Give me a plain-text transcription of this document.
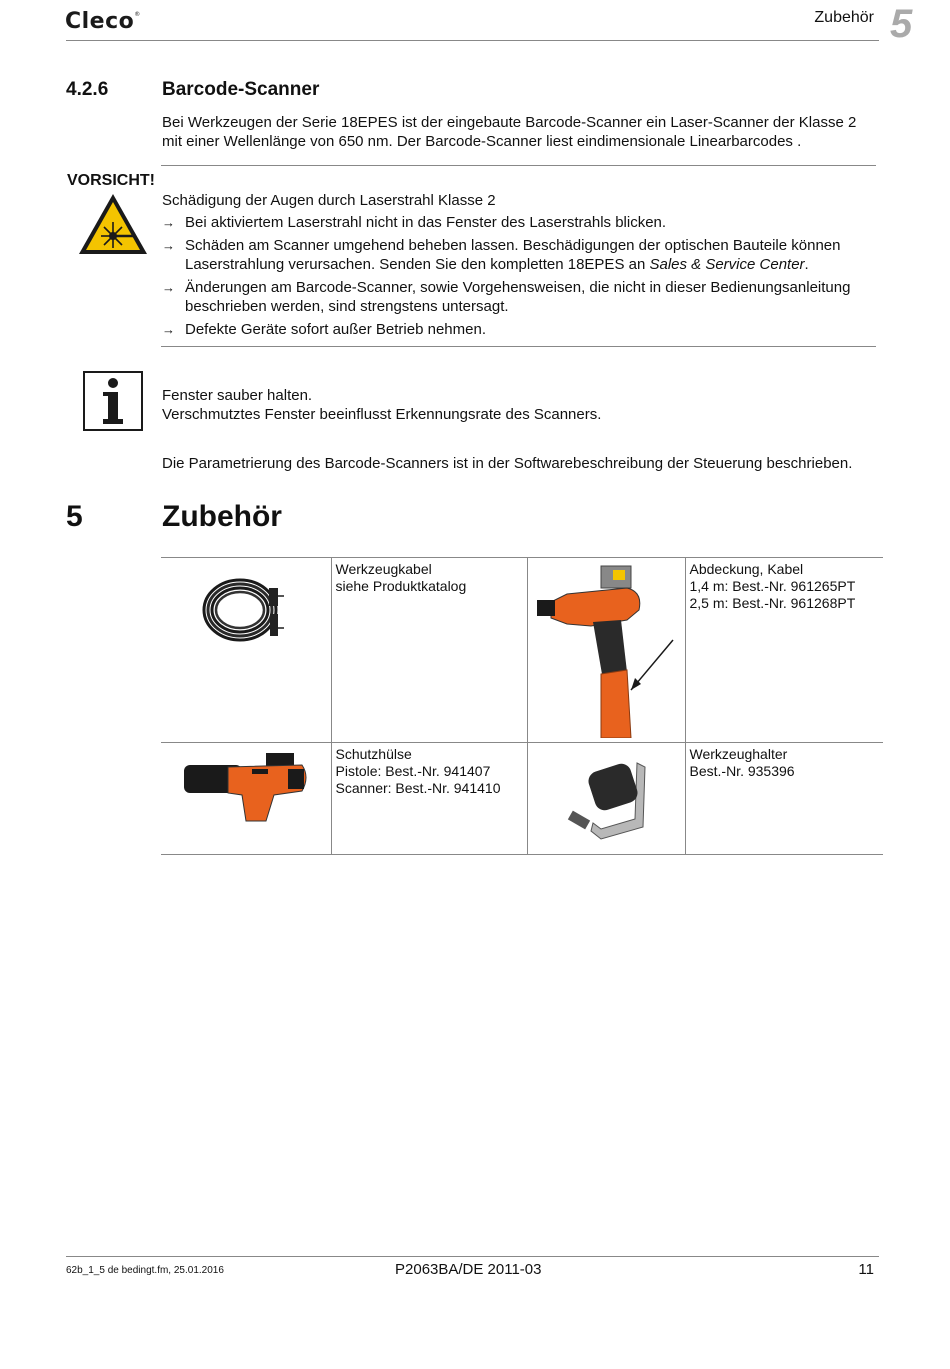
Cleco®	Zubehör 5
4.2.6	Barcode-Scanner
Bei Werkzeugen der Serie 18EPES ist der eingebaute Barcode-Scanner ein Laser-Scanner der Klasse 2
mit einer Wellenlänge von 650 nm. Der Barcode-Scanner liest eindimensionale Linearbarcodes .
VORSICHT!
Schädigung der Augen durch Laserstrahl Klasse 2
→ Bei aktiviertem Laserstrahl nicht in das Fenster des Laserstrahls blicken.
→ Schäden am Scanner umgehend beheben lassen. Beschädigungen der optischen Bauteile können
Laserstrahlung verursachen. Senden Sie den kompletten 18EPES an Sales & Service Center.
→ Änderungen am Barcode-Scanner, sowie Vorgehensweisen, die nicht in dieser Bedienungsanleitung
beschrieben werden, sind strengstens untersagt.
→ Defekte Geräte sofort außer Betrieb nehmen.
Fenster sauber halten.
Verschmutztes Fenster beeinflusst Erkennungsrate des Scanners.
Die Parametrierung des Barcode-Scanners ist in der Softwarebeschreibung der Steuerung beschrieben.
5	Zubehör

Werkzeugkabel
siehe Produktkatalog		Abdeckung, Kabel
1,4 m: Best.-Nr. 961265PT
2,5 m: Best.-Nr. 961268PT

Schutzhülse
Pistole: Best.-Nr. 941407
Scanner: Best.-Nr. 941410		Werkzeughalter
Best.-Nr. 935396
62b_1_5 de bedingt.fm, 25.01.2016	P2063BA/DE 2011-03	11
